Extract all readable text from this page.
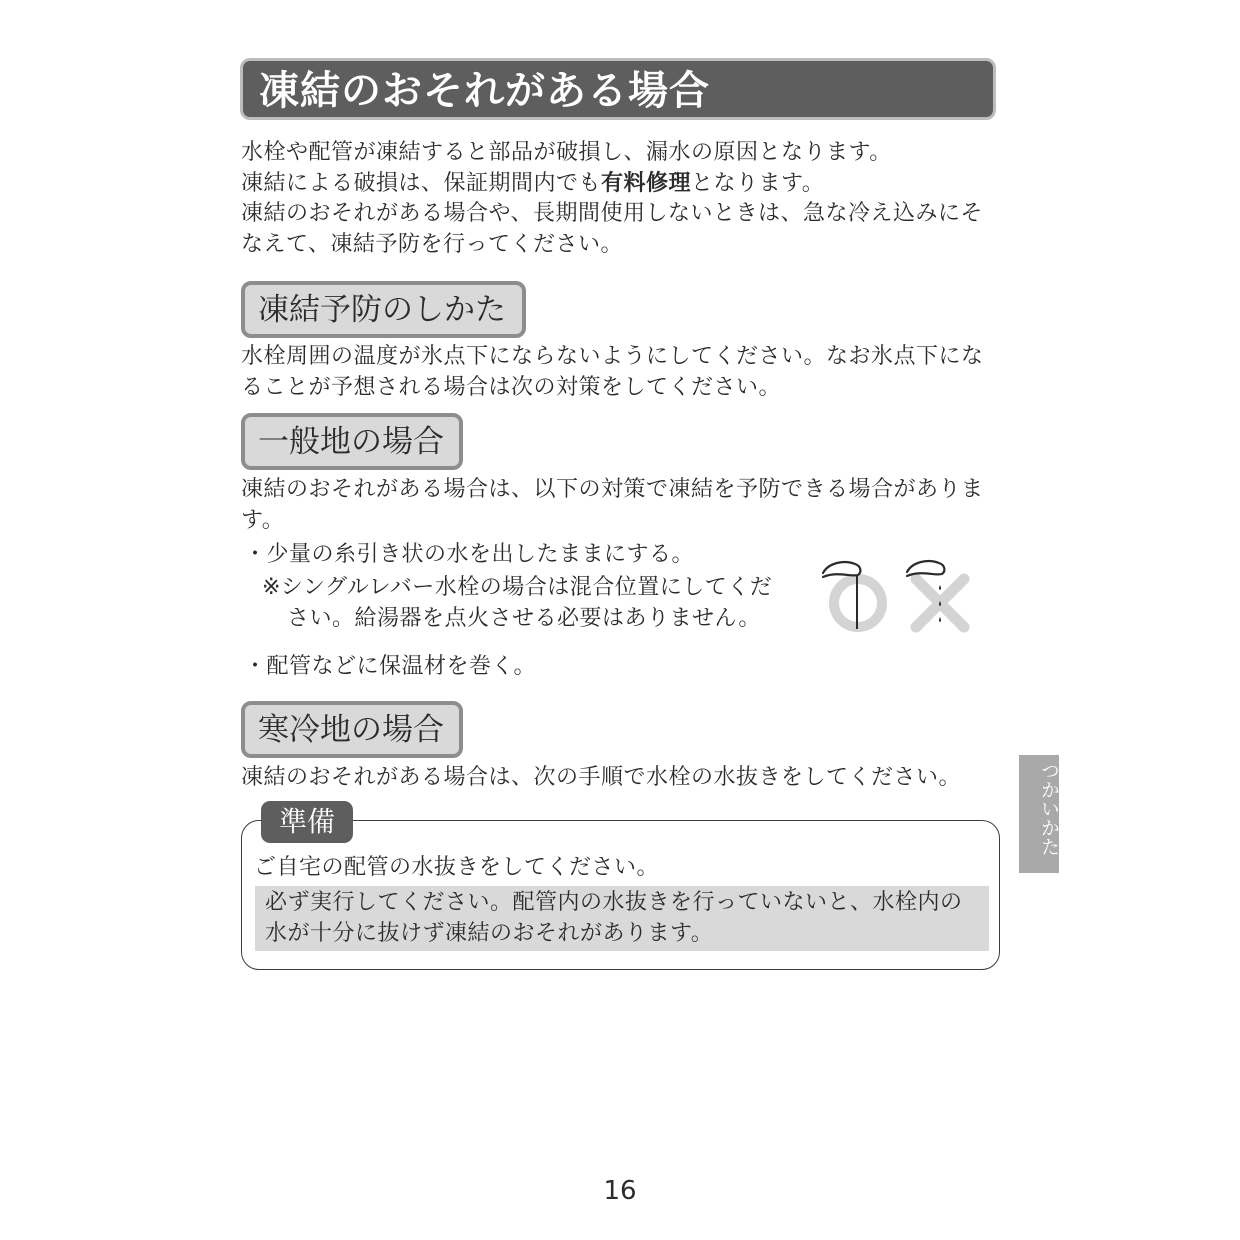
凍結のおそれがある場合
水栓や配管が凍結すると部品が破損し、漏水の原因となります。
凍結による破損は、保証期間内でも有料修理となります。
凍結のおそれがある場合や、長期間使用しないときは、急な冷え込みにそ
なえて、凍結予防を行ってください。
凍結予防のしかた
水栓周囲の温度が氷点下にならないようにしてください。なお氷点下にな
ることが予想される場合は次の対策をしてください。
一般地の場合
凍結のおそれがある場合は、以下の対策で凍結を予防できる場合がありま
す。
・少量の糸引き状の水を出したままにする。
※シングルレバー水栓の場合は混合位置にしてくだ
さい。給湯器を点火させる必要はありません。
・配管などに保温材を巻く。
寒冷地の場合
凍結のおそれがある場合は、次の手順で水栓の水抜きをしてください。
準備
ご自宅の配管の水抜きをしてください。
必ず実行してください。配管内の水抜きを行っていないと、水栓内の
水が十分に抜けず凍結のおそれがあります。
つかいかた
16
